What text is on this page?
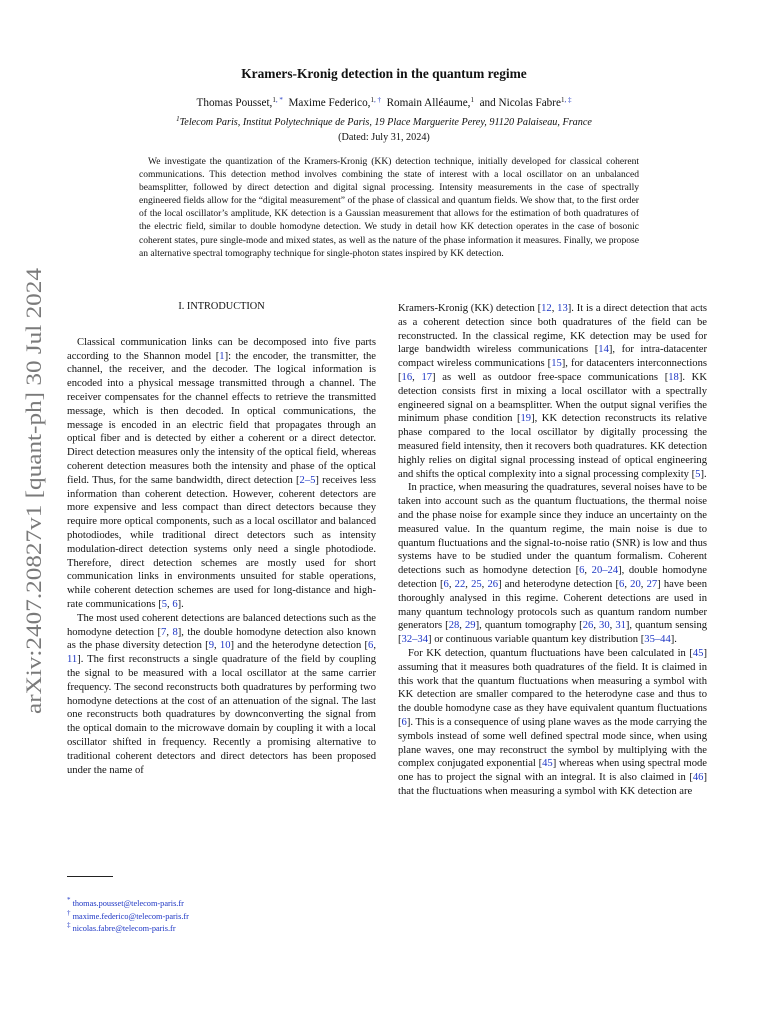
arXiv:2407.20827v1 [quant-ph] 30 Jul 2024
Kramers-Kronig detection in the quantum regime
Thomas Pousset,$^{1, *}$ Maxime Federico,$^{1, \dagger}$ Romain Alléaume,$^1$ and Nicolas Fabre$^{1, \ddagger}$
$^1$Telecom Paris, Institut Polytechnique de Paris, 19 Place Marguerite Perey, 91120 Palaiseau, France
(Dated: July 31, 2024)

We investigate the quantization of the Kramers-Kronig (KK) detection technique, initially developed for classical coherent communications. This detection method involves combining the state of interest with a local oscillator on an unbalanced beamsplitter, followed by direct detection and digital signal processing. Intensity measurements in the case of spectrally engineered fields allow for the “digital measurement” of the phase of classical and quantum fields. We show that, to the first order of the local oscillator’s amplitude, KK detection is a Gaussian measurement that allows for the estimation of both quadratures of the electric field, similar to double homodyne detection. We study in detail how KK detection operates in the case of bosonic coherent states, pure single-mode and mixed states, as well as the nature of the phase information it measures. Finally, we propose an alternative spectral tomography technique for single-photon states inspired by KK detection.

I. INTRODUCTION

Classical communication links can be decomposed into five parts according to the Shannon model [1]: the encoder, the transmitter, the channel, the receiver, and the decoder. The logical information is encoded into a physical message transmitted through a channel. The receiver compensates for the channel effects to retrieve the transmitted message, which is then decoded. In optical communications, the message is encoded in an electric field that propagates through an optical fiber and is detected by either a coherent or a direct detector. Direct detection measures only the intensity of the optical field, whereas coherent detection measures both the intensity and phase of the optical field. Thus, for the same bandwidth, direct detection [2–5] receives less information than coherent detection. However, coherent detectors are more expensive and less compact than direct detectors because they require more optical components, such as a local oscillator and balanced photodiodes, while traditional direct detectors such as intensity modulation-direct detection systems only need a single photodiode. Therefore, direct detection schemes are mostly used for short communication links in environments unsuited for stable operations, while coherent detection schemes are used for long-distance and high-rate communications [5, 6].

The most used coherent detections are balanced detections such as the homodyne detection [7, 8], the double homodyne detection also known as the phase diversity detection [9, 10] and the heterodyne detection [6, 11]. The first reconstructs a single quadrature of the field by coupling the signal to be measured with a local oscillator at the same carrier frequency. The second reconstructs both quadratures by performing two homodyne detections at the cost of an attenuation of the signal. The last one reconstructs both quadratures by downconverting the signal from the optical domain to the microwave domain by coupling it with a local oscillator shifted in frequency. Recently a promising alternative to traditional coherent detectors and direct detectors has been proposed under the name of

Kramers-Kronig (KK) detection [12, 13]. It is a direct detection that acts as a coherent detection since both quadratures of the field can be reconstructed. In the classical regime, KK detection may be used for large bandwidth wireless communications [14], for intra-datacenter compact wireless communications [15], for datacenters interconnections [16, 17] as well as outdoor free-space communications [18]. KK detection consists first in mixing a local oscillator with a spectrally engineered signal on a beamsplitter. When the output signal verifies the minimum phase condition [19], KK detection reconstructs its relative phase compared to the local oscillator by digitally processing the measured field intensity, then it recovers both quadratures. KK detection highly relies on digital signal processing instead of optical engineering and shifts the optical complexity into a signal processing complexity [5].

In practice, when measuring the quadratures, several noises have to be taken into account such as the quantum fluctuations, the thermal noise and the phase noise for example since they induce an uncertainty on the measured value. In the quantum regime, the main noise is due to quantum fluctuations and the signal-to-noise ratio (SNR) is low and thus systems have to be studied under the quantum formalism. Coherent detections such as homodyne detection [6, 20–24], double homodyne detection [6, 22, 25, 26] and heterodyne detection [6, 20, 27] have been thoroughly analysed in this regime. Coherent detections are used in many quantum technology protocols such as quantum random number generators [28, 29], quantum tomography [26, 30, 31], quantum sensing [32–34] or continuous variable quantum key distribution [35–44].

For KK detection, quantum fluctuations have been calculated in [45] assuming that it measures both quadratures of the field. It is claimed in this work that the quantum fluctuations when measuring a symbol with KK detection are smaller compared to the heterodyne case and thus to the double homodyne case as they have equivalent quantum fluctuations [6]. This is a consequence of using plane waves as the mode carrying the symbols instead of some well defined spectral mode since, when using plane waves, one may reconstruct the symbol by multiplying with the complex conjugated exponential [45] whereas when using spectral mode one has to project the signal with an integral. It is also claimed in [46] that the fluctuations when measuring a symbol with KK detection are

* thomas.pousset@telecom-paris.fr
† maxime.federico@telecom-paris.fr
‡ nicolas.fabre@telecom-paris.fr
